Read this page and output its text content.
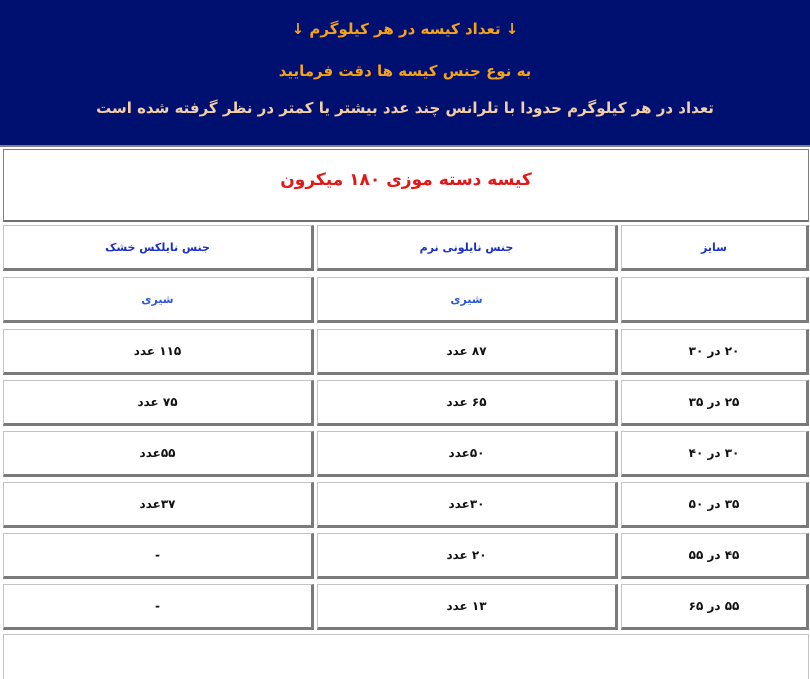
↓ تعداد کیسه در هر کیلوگرم ↓
به نوع جنس کیسه ها دقت فرمایید
تعداد در هر کیلوگرم حدودا با تلرانس چند عدد بیشتر یا کمتر در نظر گرفته شده است
کیسه دسته موزی ۱۸۰ میکرون
سایز
جنس نایلونی نرم
جنس نایلکس خشک
شیری
شیری
۲۰ در ۳۰
۸۷ عدد
۱۱۵ عدد
۲۵ در ۳۵
۶۵ عدد
۷۵ عدد
۳۰ در ۴۰
۵۰عدد
۵۵عدد
۳۵ در ۵۰
۳۰عدد
۳۷عدد
۴۵ در ۵۵
۲۰ عدد
-
۵۵ در ۶۵
۱۳ عدد
-
